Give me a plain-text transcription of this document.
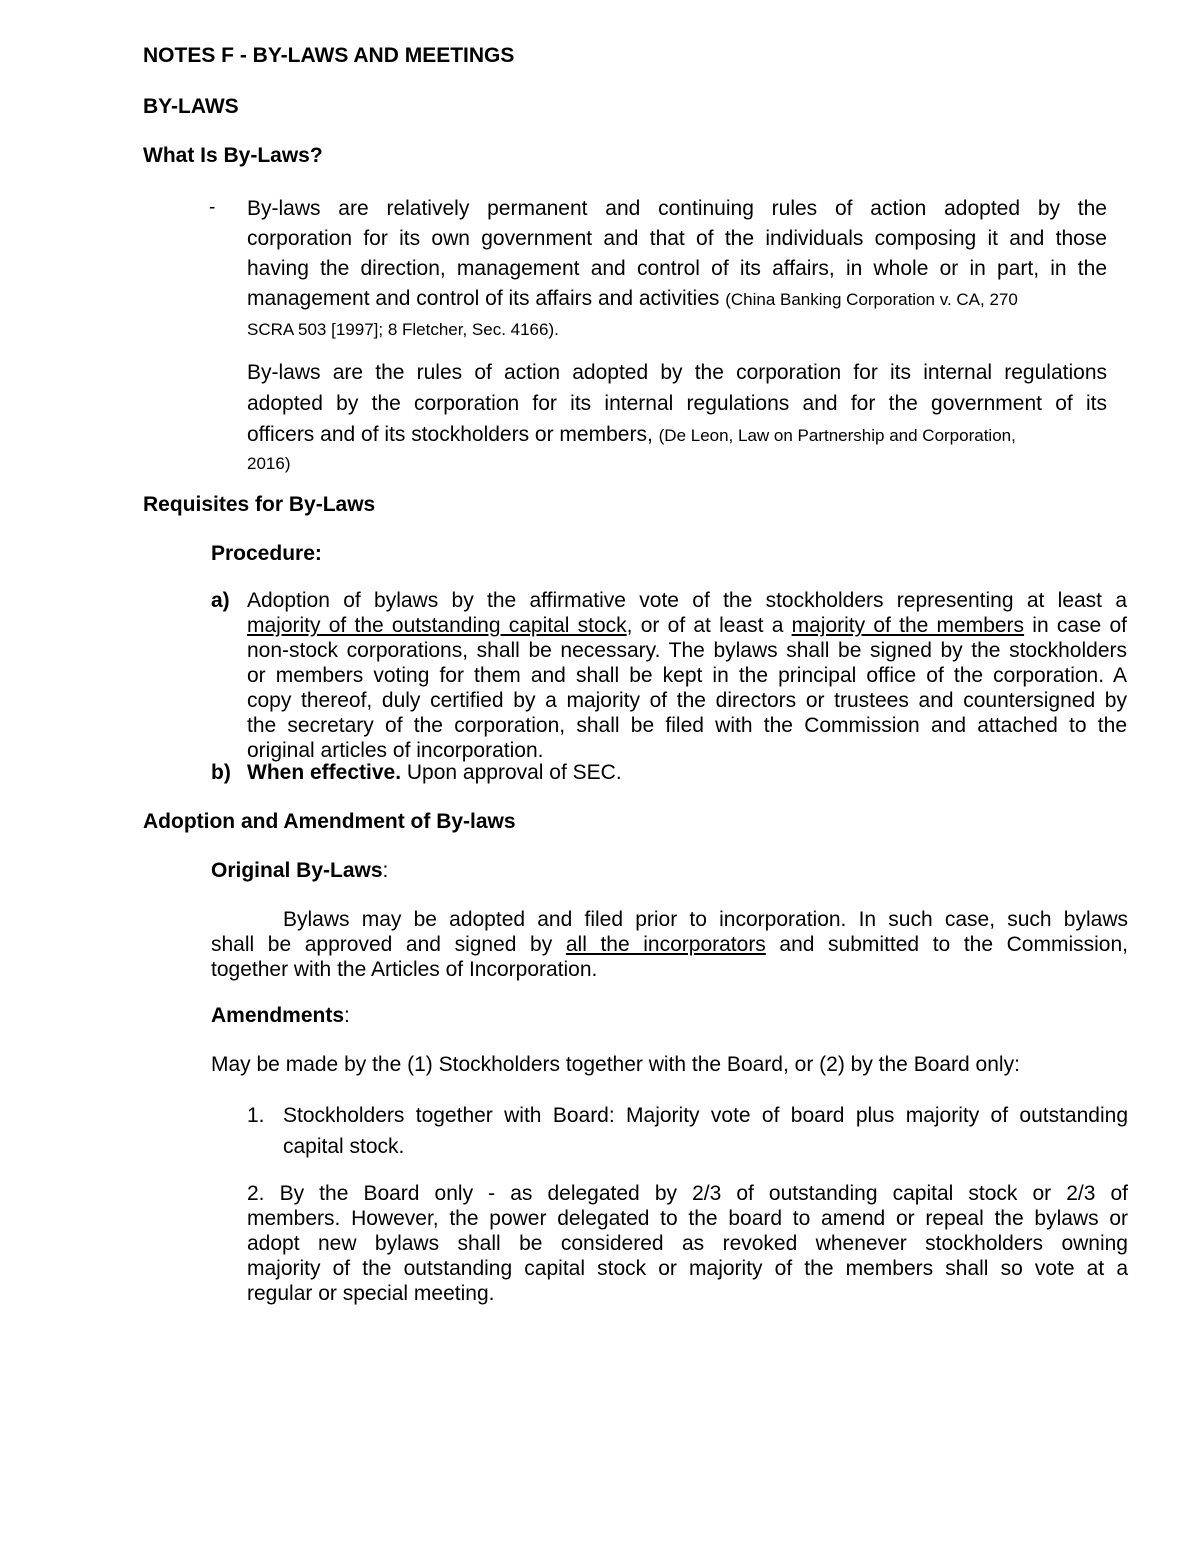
NOTES F - BY-LAWS AND MEETINGS
BY-LAWS
What Is By-Laws?
- By-laws are relatively permanent and continuing rules of action adopted by the
corporation for its own government and that of the individuals composing it and those
having the direction, management and control of its affairs, in whole or in part, in the
management and control of its affairs and activities (China Banking Corporation v. CA, 270
SCRA 503 [1997]; 8 Fletcher, Sec. 4166).
By-laws are the rules of action adopted by the corporation for its internal regulations
adopted by the corporation for its internal regulations and for the government of its
officers and of its stockholders or members, (De Leon, Law on Partnership and Corporation,
2016)
Requisites for By-Laws
Procedure:
a) Adoption of bylaws by the affirmative vote of the stockholders representing at least a
majority of the outstanding capital stock, or of at least a majority of the members in case of
non-stock corporations, shall be necessary. The bylaws shall be signed by the stockholders
or members voting for them and shall be kept in the principal office of the corporation. A
copy thereof, duly certified by a majority of the directors or trustees and countersigned by
the secretary of the corporation, shall be filed with the Commission and attached to the
original articles of incorporation.
b) When effective. Upon approval of SEC.
Adoption and Amendment of By-laws
Original By-Laws:
Bylaws may be adopted and filed prior to incorporation. In such case, such bylaws
shall be approved and signed by all the incorporators and submitted to the Commission,
together with the Articles of Incorporation.
Amendments:
May be made by the (1) Stockholders together with the Board, or (2) by the Board only:
1. Stockholders together with Board: Majority vote of board plus majority of outstanding
capital stock.
2. By the Board only - as delegated by 2/3 of outstanding capital stock or 2/3 of
members. However, the power delegated to the board to amend or repeal the bylaws or
adopt new bylaws shall be considered as revoked whenever stockholders owning
majority of the outstanding capital stock or majority of the members shall so vote at a
regular or special meeting.
